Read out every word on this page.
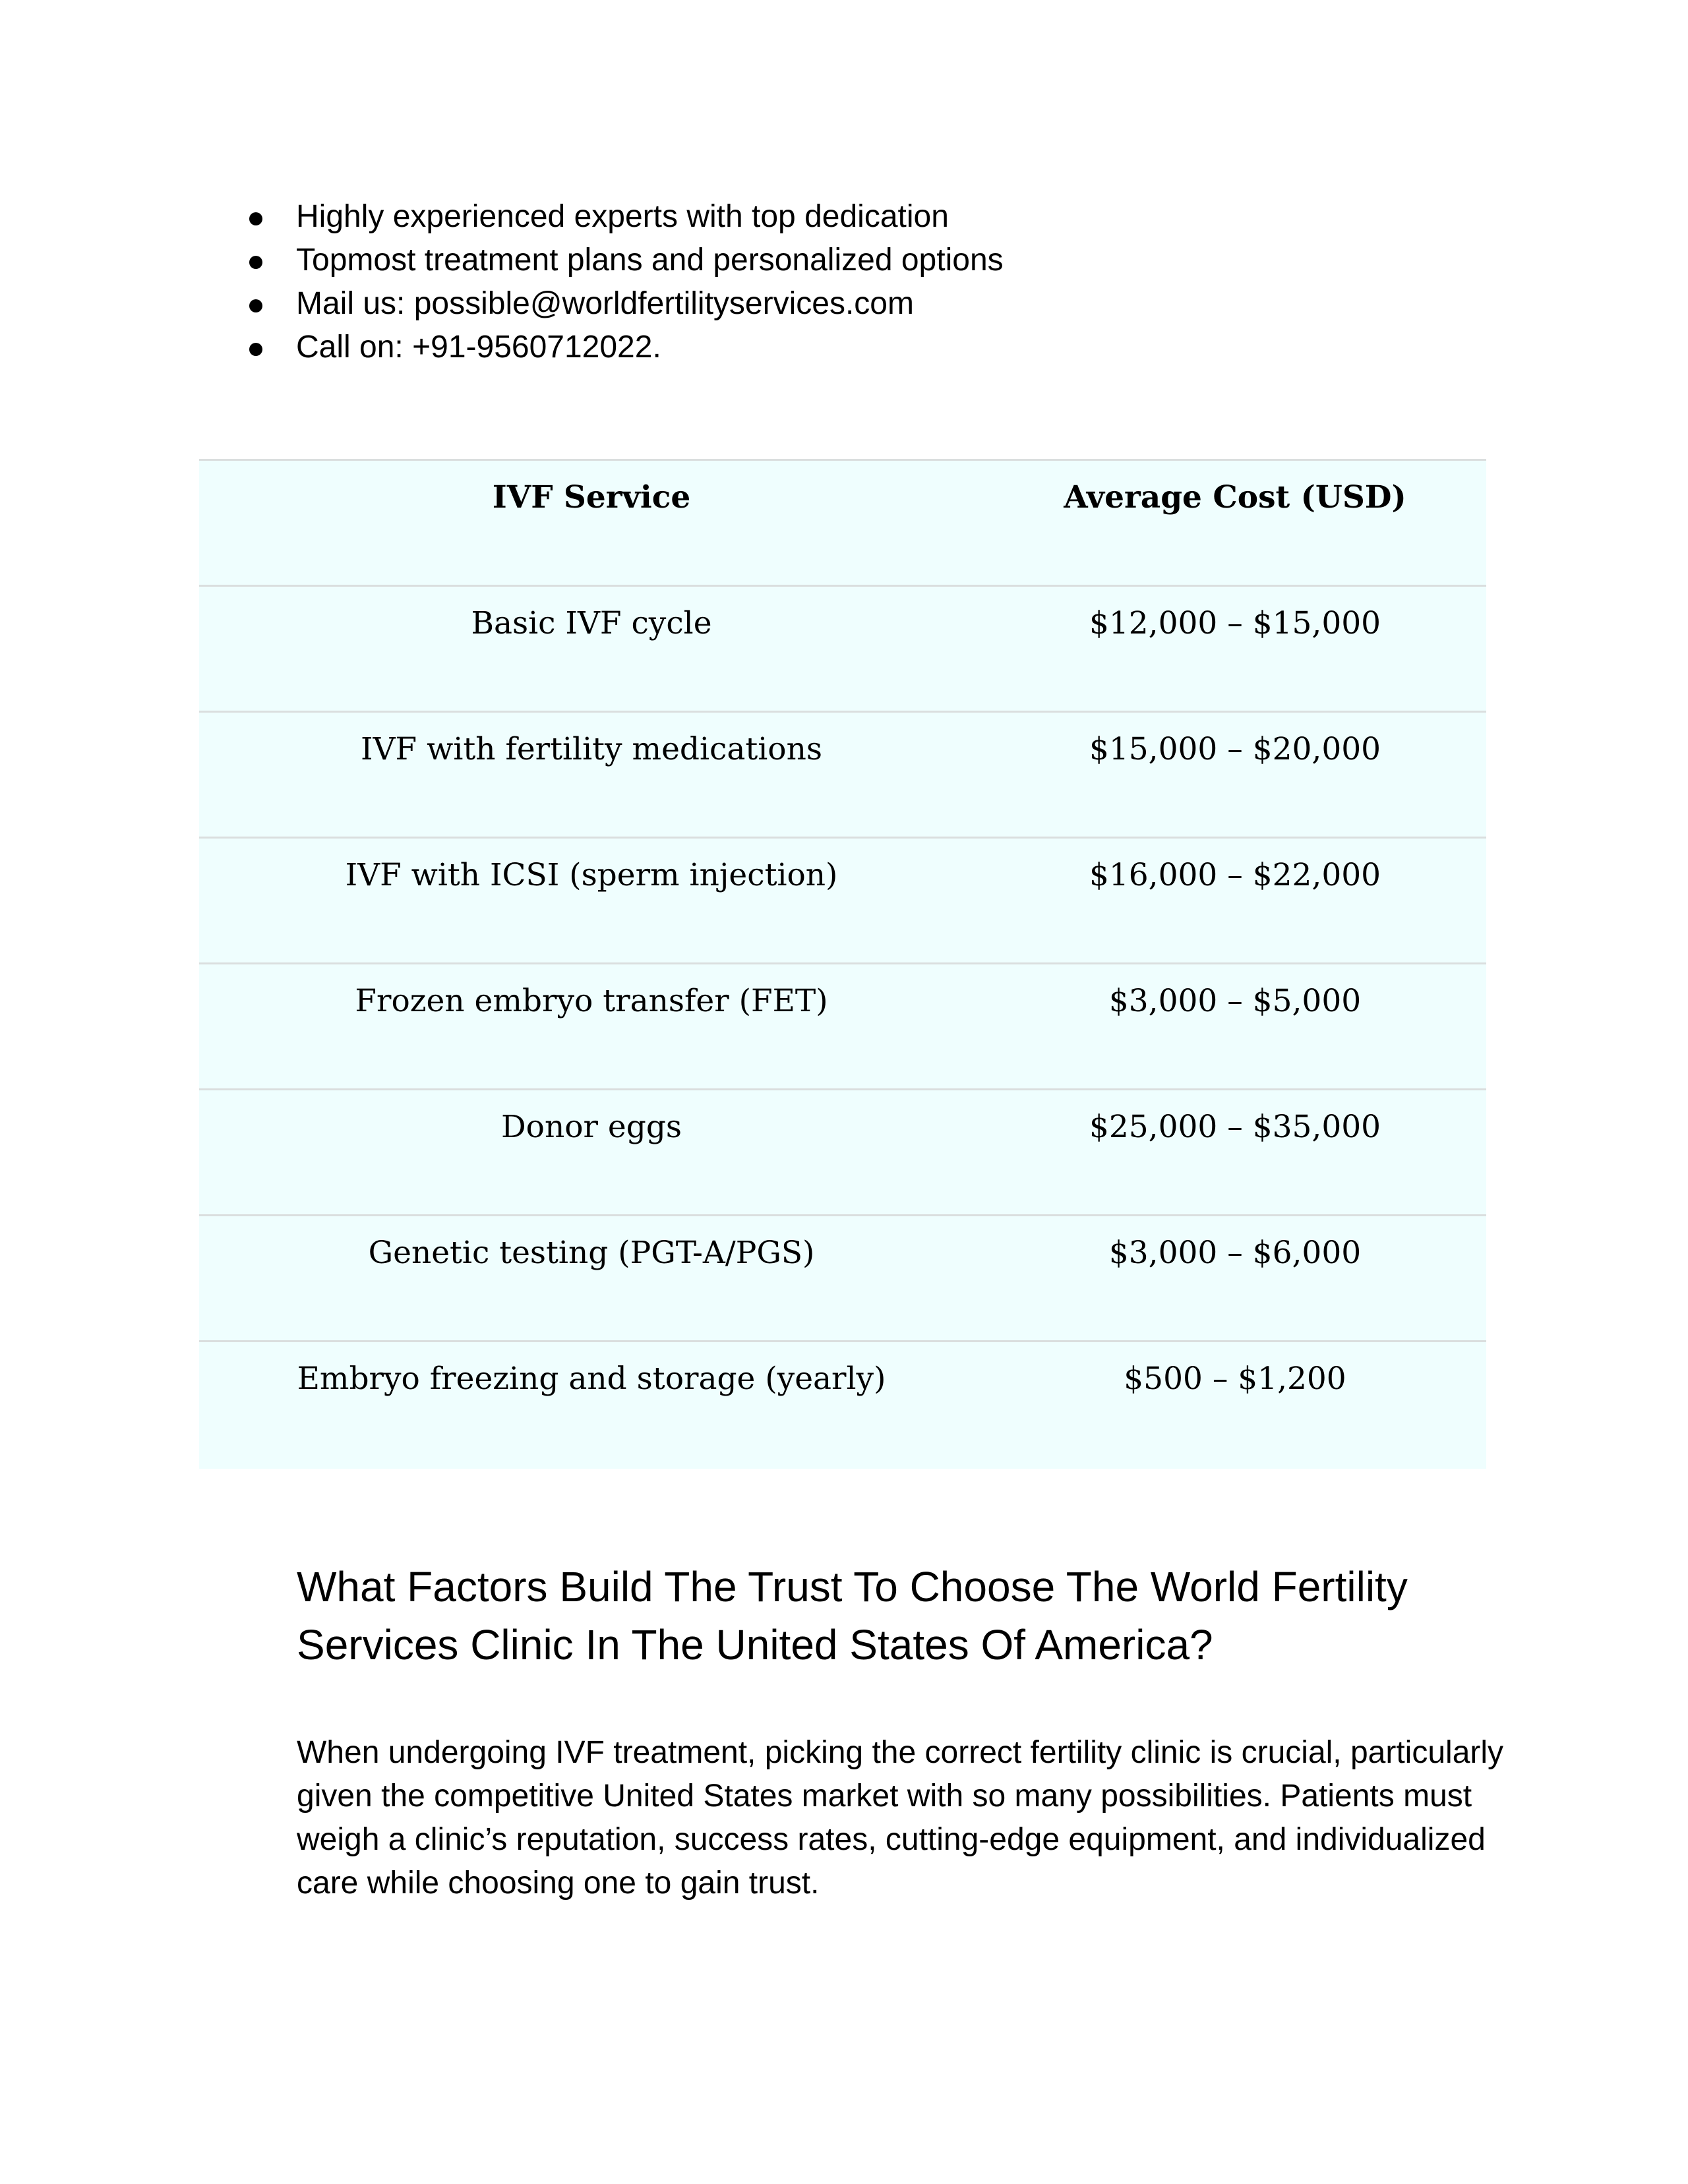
Highly experienced experts with top dedication
Topmost treatment plans and personalized options
Mail us: possible@worldfertilityservices.com
Call on: +91-9560712022.
IVF Service	Average Cost (USD)
Basic IVF cycle	$12,000 – $15,000
IVF with fertility medications	$15,000 – $20,000
IVF with ICSI (sperm injection)	$16,000 – $22,000
Frozen embryo transfer (FET)	$3,000 – $5,000
Donor eggs	$25,000 – $35,000
Genetic testing (PGT-A/PGS)	$3,000 – $6,000
Embryo freezing and storage (yearly)	$500 – $1,200
What Factors Build The Trust To Choose The World Fertility Services Clinic In The United States Of America?

When undergoing IVF treatment, picking the correct fertility clinic is crucial, particularly given the competitive United States market with so many possibilities. Patients must weigh a clinic’s reputation, success rates, cutting-edge equipment, and individualized care while choosing one to gain trust.
